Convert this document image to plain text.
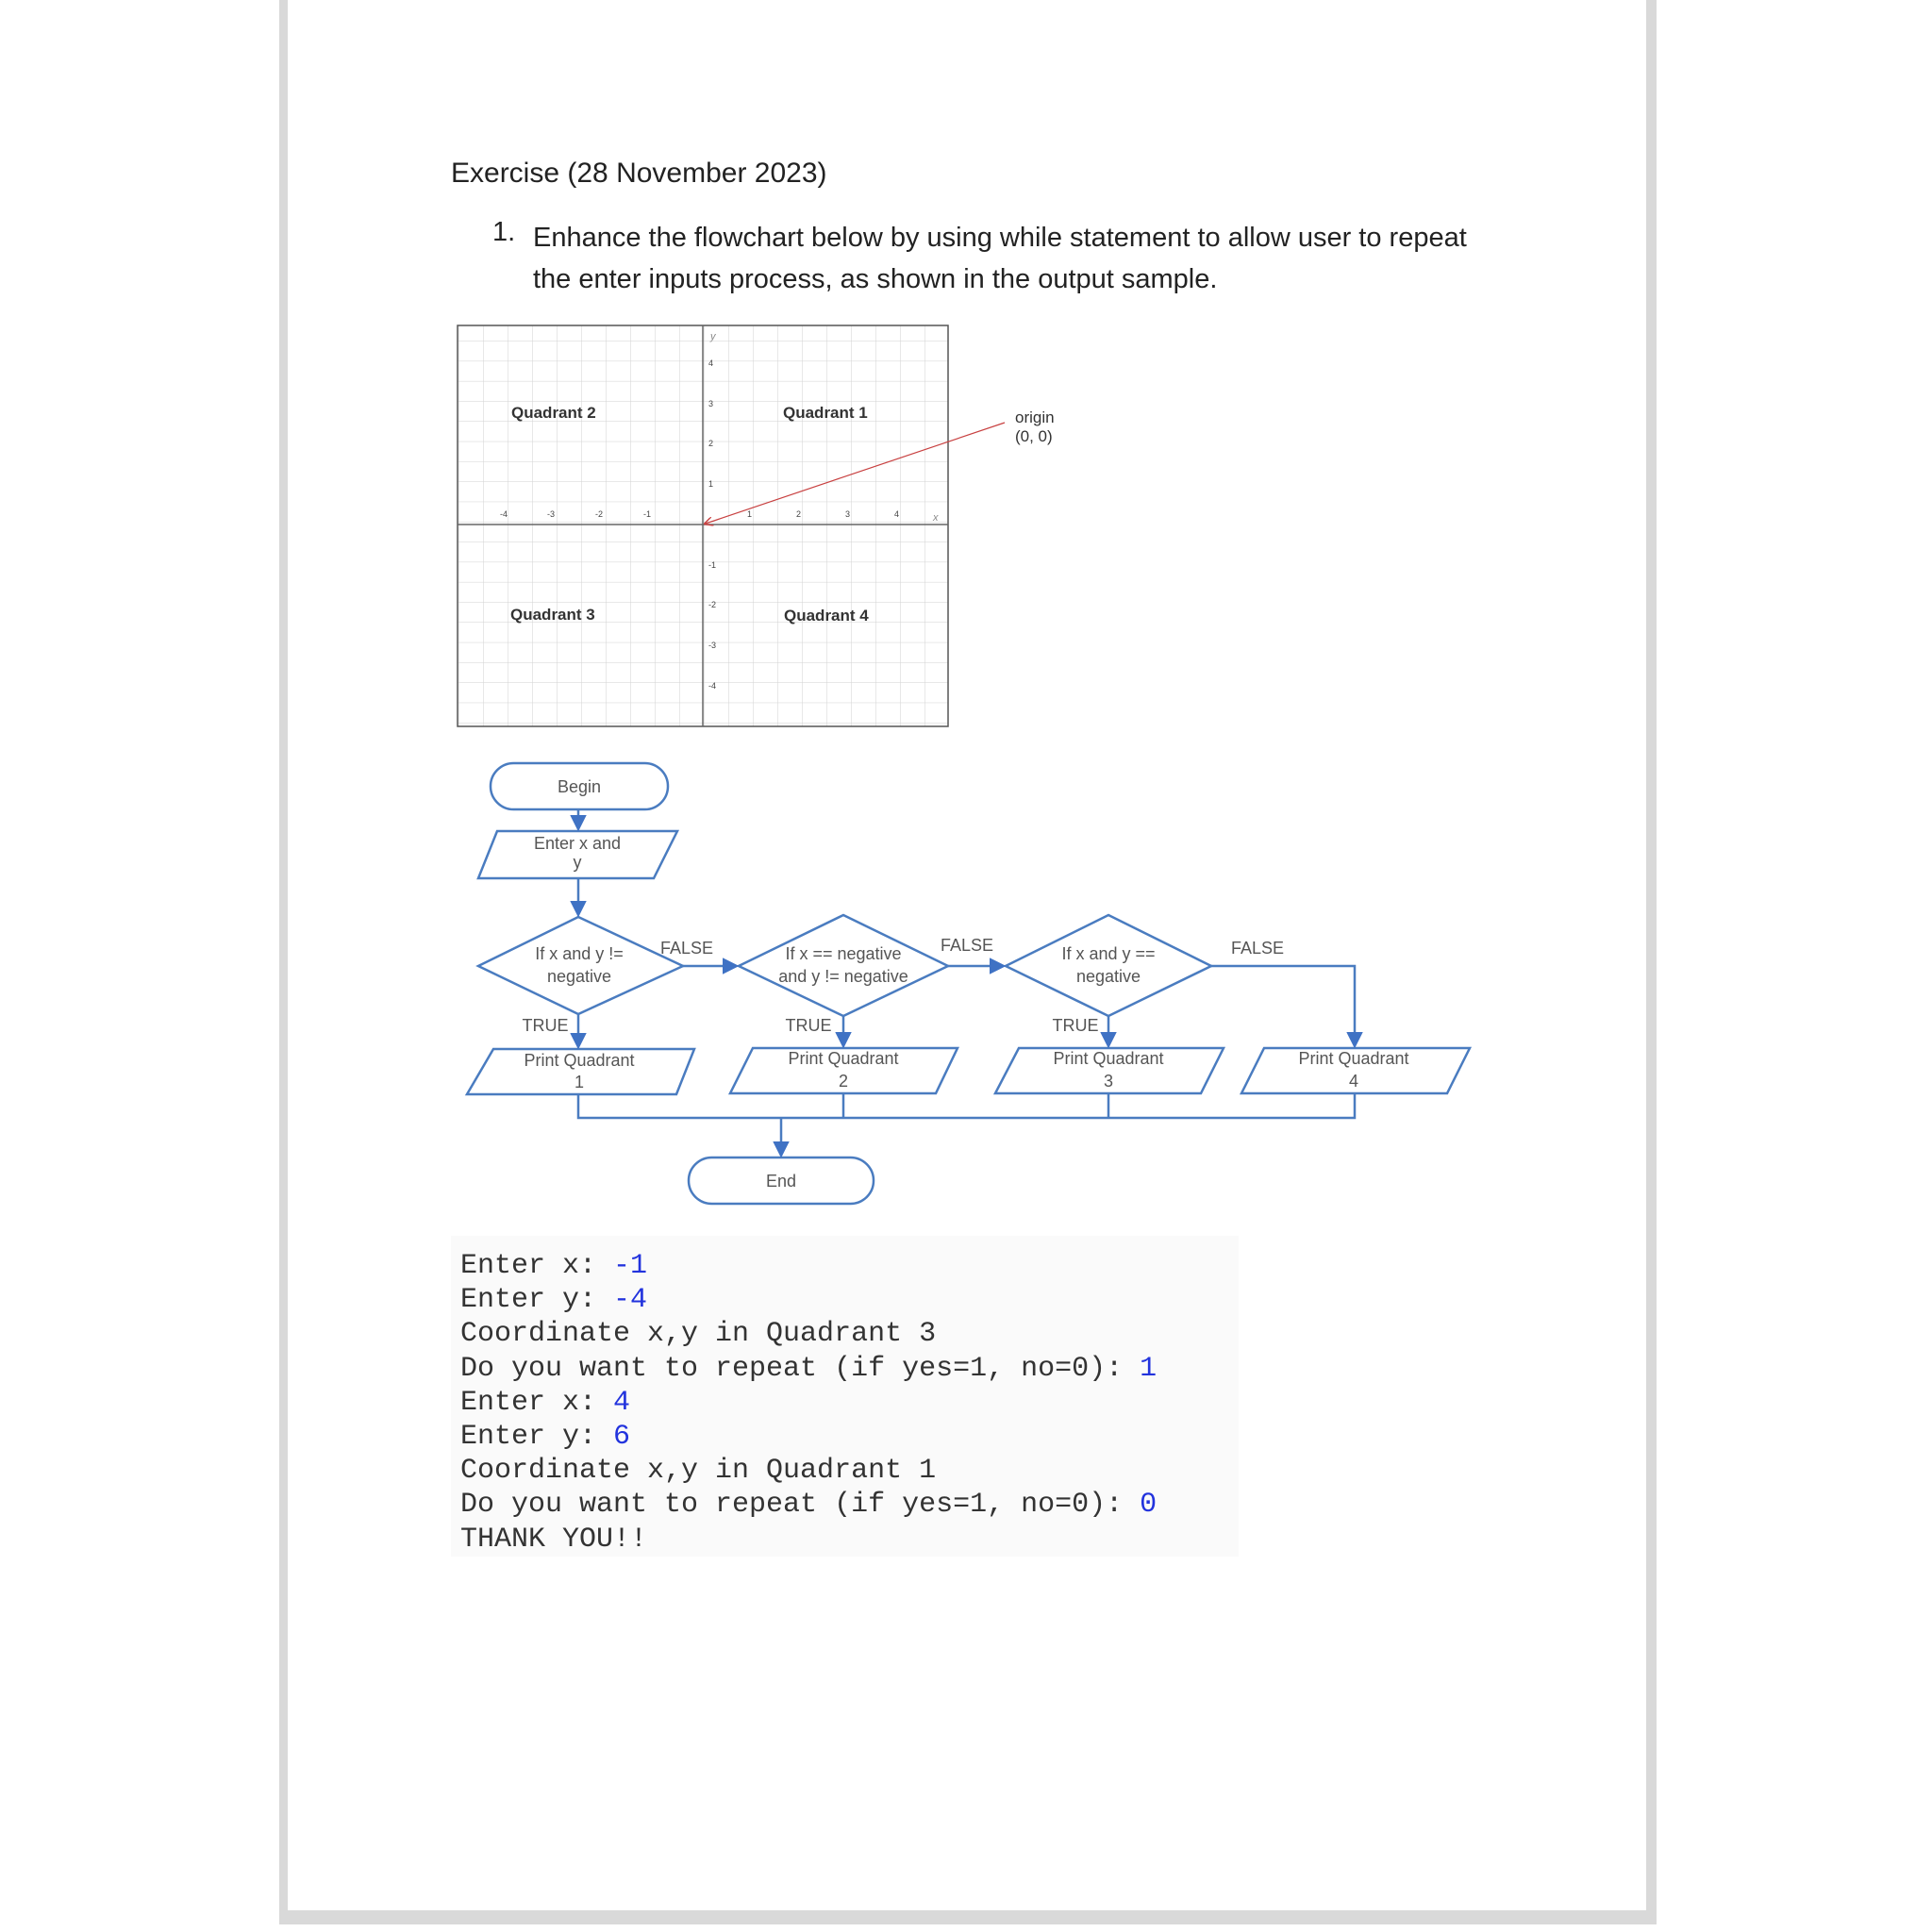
Exercise (28 November 2023)
1. Enhance the flowchart below by using while statement to allow user to repeat the enter inputs process, as shown in the output sample.
y
x
-4	-3	-2	-1	1	2	3	4
4
3
2
1
-1
-2
-3
-4
Quadrant 2	Quadrant 1
Quadrant 3	Quadrant 4
origin
(0, 0)
Begin
Enter x and
y
If x and y !=
negative
If x == negative
and y != negative
If x and y ==
negative
FALSE	FALSE	FALSE
TRUE	TRUE	TRUE
Print Quadrant
1
Print Quadrant
2
Print Quadrant
3
Print Quadrant
4
End
Enter x: -1
Enter y: -4
Coordinate x,y in Quadrant 3
Do you want to repeat (if yes=1, no=0): 1
Enter x: 4
Enter y: 6
Coordinate x,y in Quadrant 1
Do you want to repeat (if yes=1, no=0): 0
THANK YOU!!
